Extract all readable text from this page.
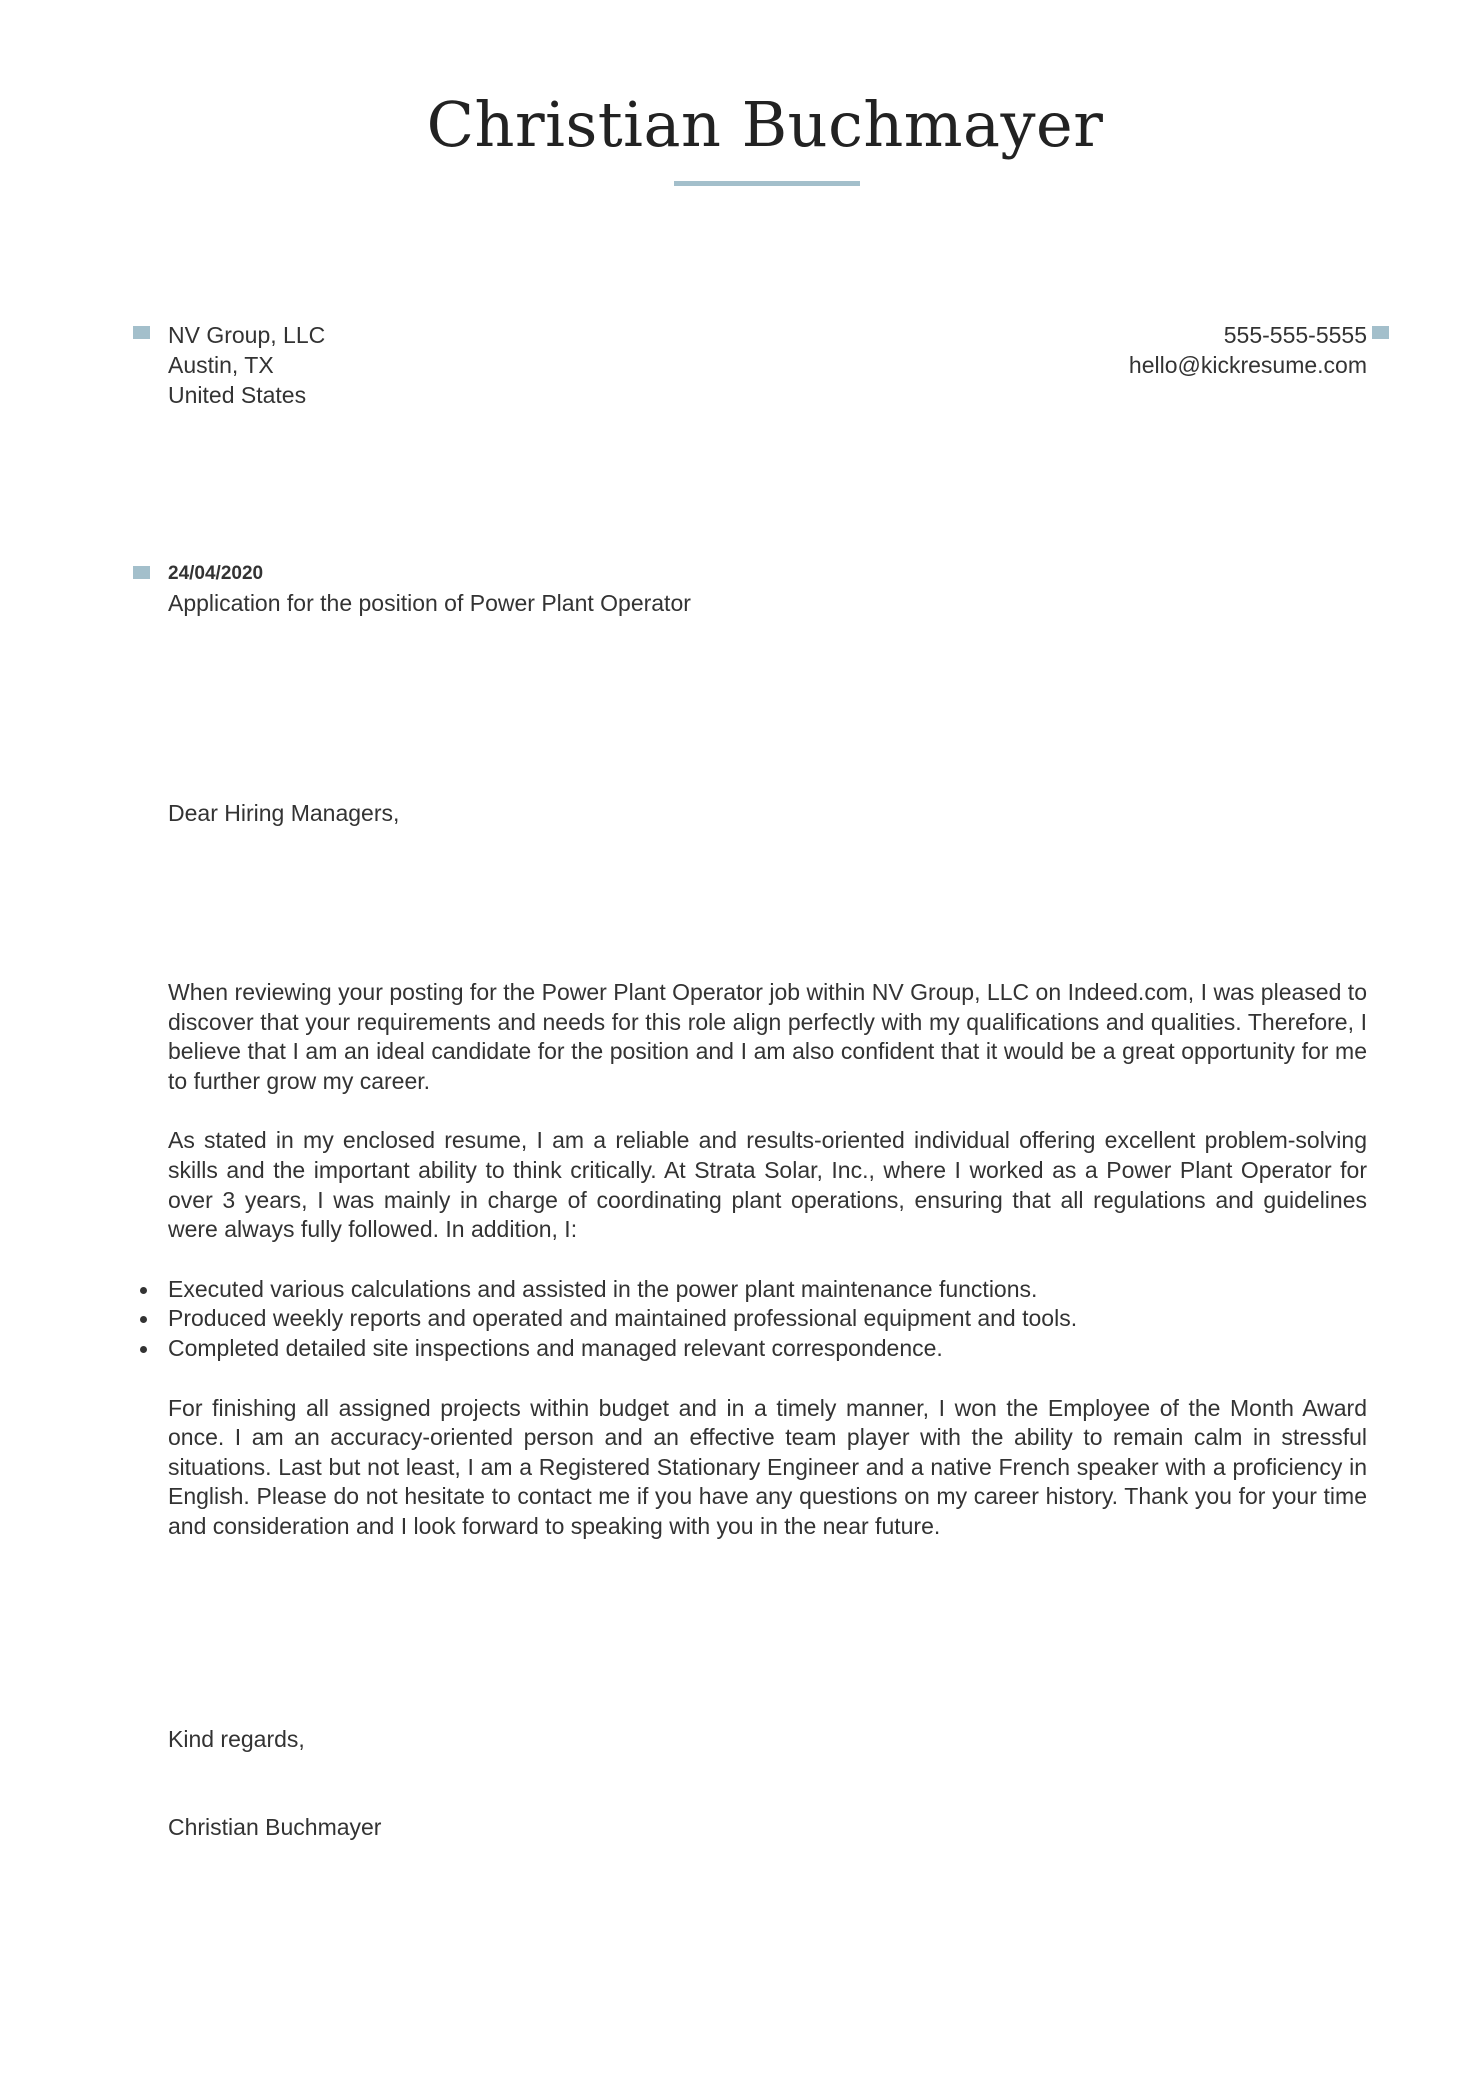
Christian Buchmayer
NV Group, LLC
Austin, TX
United States
555-555-5555
hello@kickresume.com
24/04/2020
Application for the position of Power Plant Operator
Dear Hiring Managers,

When reviewing your posting for the Power Plant Operator job within NV Group, LLC on Indeed.com, I was pleased to discover that your requirements and needs for this role align perfectly with my qualifications and qualities. Therefore, I believe that I am an ideal candidate for the position and I am also confident that it would be a great opportunity for me to further grow my career.

As stated in my enclosed resume, I am a reliable and results-oriented individual offering excellent problem-solving skills and the important ability to think critically. At Strata Solar, Inc., where I worked as a Power Plant Operator for over 3 years, I was mainly in charge of coordinating plant operations, ensuring that all regulations and guidelines were always fully followed. In addition, I:

Executed various calculations and assisted in the power plant maintenance functions.
Produced weekly reports and operated and maintained professional equipment and tools.
Completed detailed site inspections and managed relevant correspondence.

For finishing all assigned projects within budget and in a timely manner, I won the Employee of the Month Award once. I am an accuracy-oriented person and an effective team player with the ability to remain calm in stressful situations. Last but not least, I am a Registered Stationary Engineer and a native French speaker with a proficiency in English. Please do not hesitate to contact me if you have any questions on my career history. Thank you for your time and consideration and I look forward to speaking with you in the near future.

Kind regards,
Christian Buchmayer
